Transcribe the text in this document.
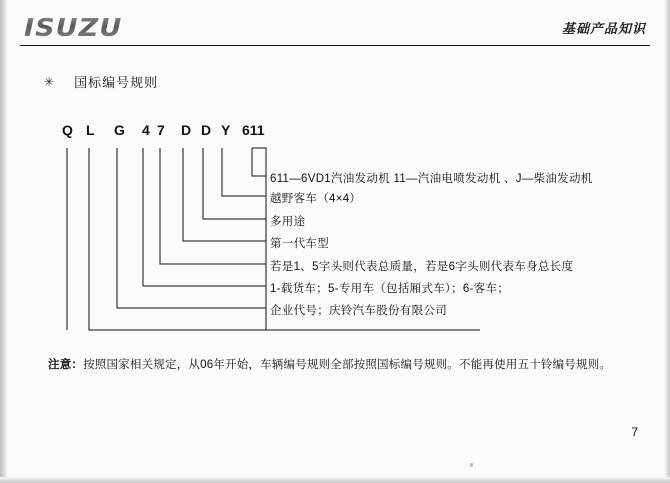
ISUZU	基础产品知识
✳ 国标编号规则
Q L G 4 7 D D Y 611
611—6VD1汽油发动机 11—汽油电喷发动机 、J—柴油发动机
越野客车（4×4）
多用途
第一代车型
若是1、5字头则代表总质量，若是6字头则代表车身总长度
1-载货车；5-专用车（包括厢式车）；6-客车；
企业代号；庆铃汽车股份有限公司
注意：按照国家相关规定，从06年开始，车辆编号规则全部按照国标编号规则。不能再使用五十铃编号规则。
7
